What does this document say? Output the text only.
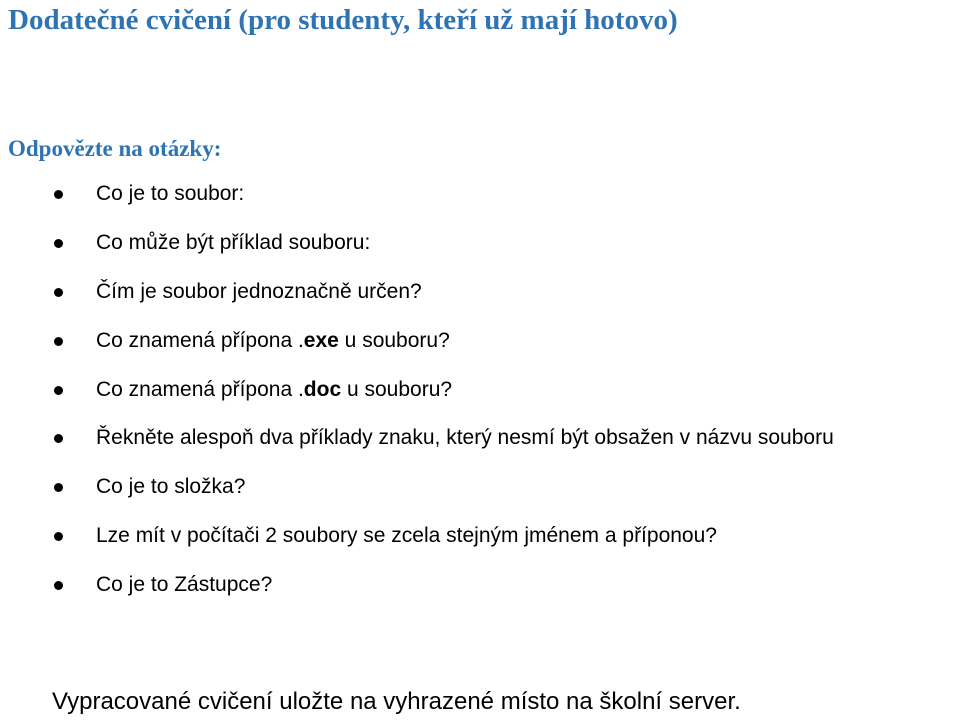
Dodatečné cvičení (pro studenty, kteří už mají hotovo)
Odpovězte na otázky:
Co je to soubor:
Co může být příklad souboru:
Čím je soubor jednoznačně určen?
Co znamená přípona .exe u souboru?
Co znamená přípona .doc u souboru?
Řekněte alespoň dva příklady znaku, který nesmí být obsažen v názvu souboru
Co je to složka?
Lze mít v počítači 2 soubory se zcela stejným jménem a příponou?
Co je to Zástupce?

Vypracované cvičení uložte na vyhrazené místo na školní server.
